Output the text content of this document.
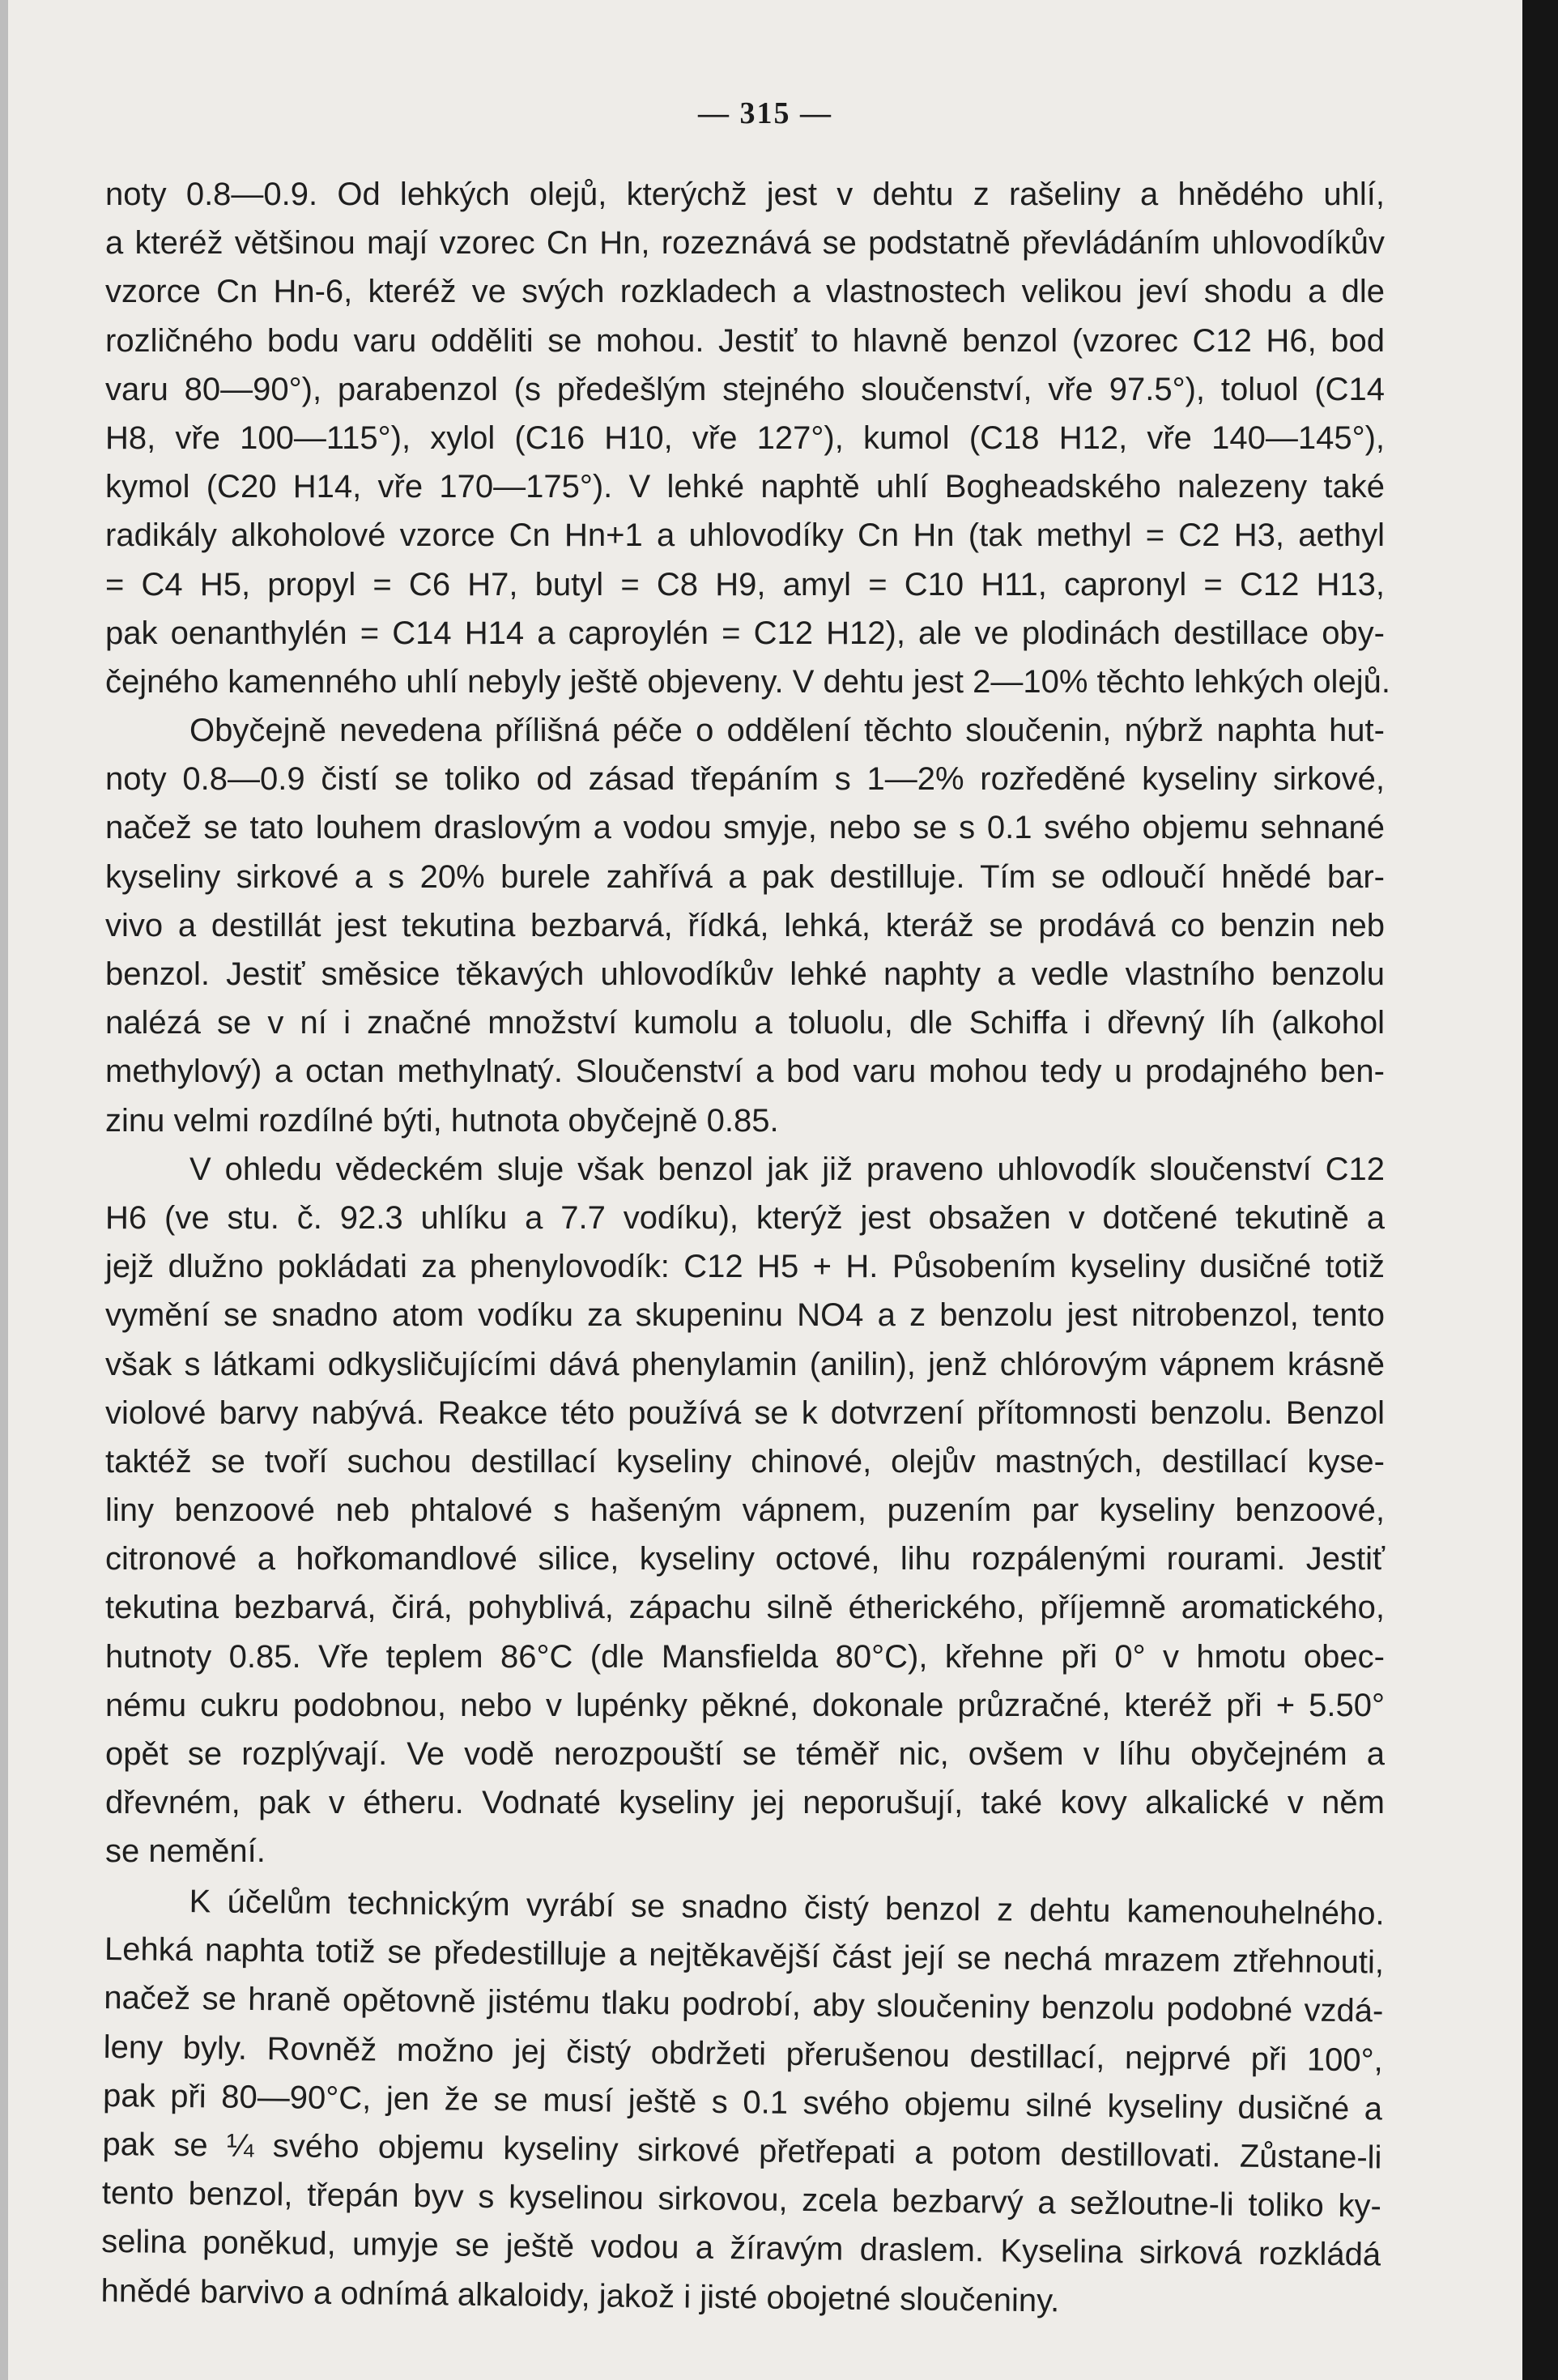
— 315 —
noty 0.8—0.9. Od lehkých olejů, kterýchž jest v dehtu z rašeliny a hnědého uhlí,
a kteréž většinou mají vzorec Cn Hn, rozeznává se podstatně převládáním uhlovodíkův
vzorce Cn Hn-6, kteréž ve svých rozkladech a vlastnostech velikou jeví shodu a dle
rozličného bodu varu odděliti se mohou. Jestiť to hlavně benzol (vzorec C12 H6, bod
varu 80—90°), parabenzol (s předešlým stejného sloučenství, vře 97.5°), toluol (C14
H8, vře 100—115°), xylol (C16 H10, vře 127°), kumol (C18 H12, vře 140—145°),
kymol (C20 H14, vře 170—175°). V lehké naphtě uhlí Bogheadského nalezeny také
radikály alkoholové vzorce Cn Hn+1 a uhlovodíky Cn Hn (tak methyl = C2 H3, aethyl
= C4 H5, propyl = C6 H7, butyl = C8 H9, amyl = C10 H11, capronyl = C12 H13,
pak oenanthylén = C14 H14 a caproylén = C12 H12), ale ve plodinách destillace oby-
čejného kamenného uhlí nebyly ještě objeveny. V dehtu jest 2—10% těchto lehkých olejů.
Obyčejně nevedena přílišná péče o oddělení těchto sloučenin, nýbrž naphta hut-
noty 0.8—0.9 čistí se toliko od zásad třepáním s 1—2% rozředěné kyseliny sirkové,
načež se tato louhem draslovým a vodou smyje, nebo se s 0.1 svého objemu sehnané
kyseliny sirkové a s 20% burele zahřívá a pak destilluje. Tím se odloučí hnědé bar-
vivo a destillát jest tekutina bezbarvá, řídká, lehká, kteráž se prodává co benzin neb
benzol. Jestiť směsice těkavých uhlovodíkův lehké naphty a vedle vlastního benzolu
nalézá se v ní i značné množství kumolu a toluolu, dle Schiffa i dřevný líh (alkohol
methylový) a octan methylnatý. Sloučenství a bod varu mohou tedy u prodajného ben-
zinu velmi rozdílné býti, hutnota obyčejně 0.85.
V ohledu vědeckém sluje však benzol jak již praveno uhlovodík sloučenství C12
H6 (ve stu. č. 92.3 uhlíku a 7.7 vodíku), kterýž jest obsažen v dotčené tekutině a
jejž dlužno pokládati za phenylovodík: C12 H5 + H. Působením kyseliny dusičné totiž
vymění se snadno atom vodíku za skupeninu NO4 a z benzolu jest nitrobenzol, tento
však s látkami odkysličujícími dává phenylamin (anilin), jenž chlórovým vápnem krásně
violové barvy nabývá. Reakce této používá se k dotvrzení přítomnosti benzolu. Benzol
taktéž se tvoří suchou destillací kyseliny chinové, olejův mastných, destillací kyse-
liny benzoové neb phtalové s hašeným vápnem, puzením par kyseliny benzoové,
citronové a hořkomandlové silice, kyseliny octové, lihu rozpálenými rourami. Jestiť
tekutina bezbarvá, čirá, pohyblivá, zápachu silně étherického, příjemně aromatického,
hutnoty 0.85. Vře teplem 86°C (dle Mansfielda 80°C), křehne při 0° v hmotu obec-
nému cukru podobnou, nebo v lupénky pěkné, dokonale průzračné, kteréž při + 5.50°
opět se rozplývají. Ve vodě nerozpouští se téměř nic, ovšem v líhu obyčejném a
dřevném, pak v étheru. Vodnaté kyseliny jej neporušují, také kovy alkalické v něm
se nemění.
K účelům technickým vyrábí se snadno čistý benzol z dehtu kamenouhelného.
Lehká naphta totiž se předestilluje a nejtěkavější část její se nechá mrazem ztřehnouti,
načež se hraně opětovně jistému tlaku podrobí, aby sloučeniny benzolu podobné vzdá-
leny byly. Rovněž možno jej čistý obdržeti přerušenou destillací, nejprvé při 100°,
pak při 80—90°C, jen že se musí ještě s 0.1 svého objemu silné kyseliny dusičné a
pak se ¼ svého objemu kyseliny sirkové přetřepati a potom destillovati. Zůstane-li
tento benzol, třepán byv s kyselinou sirkovou, zcela bezbarvý a sežloutne-li toliko ky-
selina poněkud, umyje se ještě vodou a žíravým draslem. Kyselina sirková rozkládá
hnědé barvivo a odnímá alkaloidy, jakož i jisté obojetné sloučeniny.
